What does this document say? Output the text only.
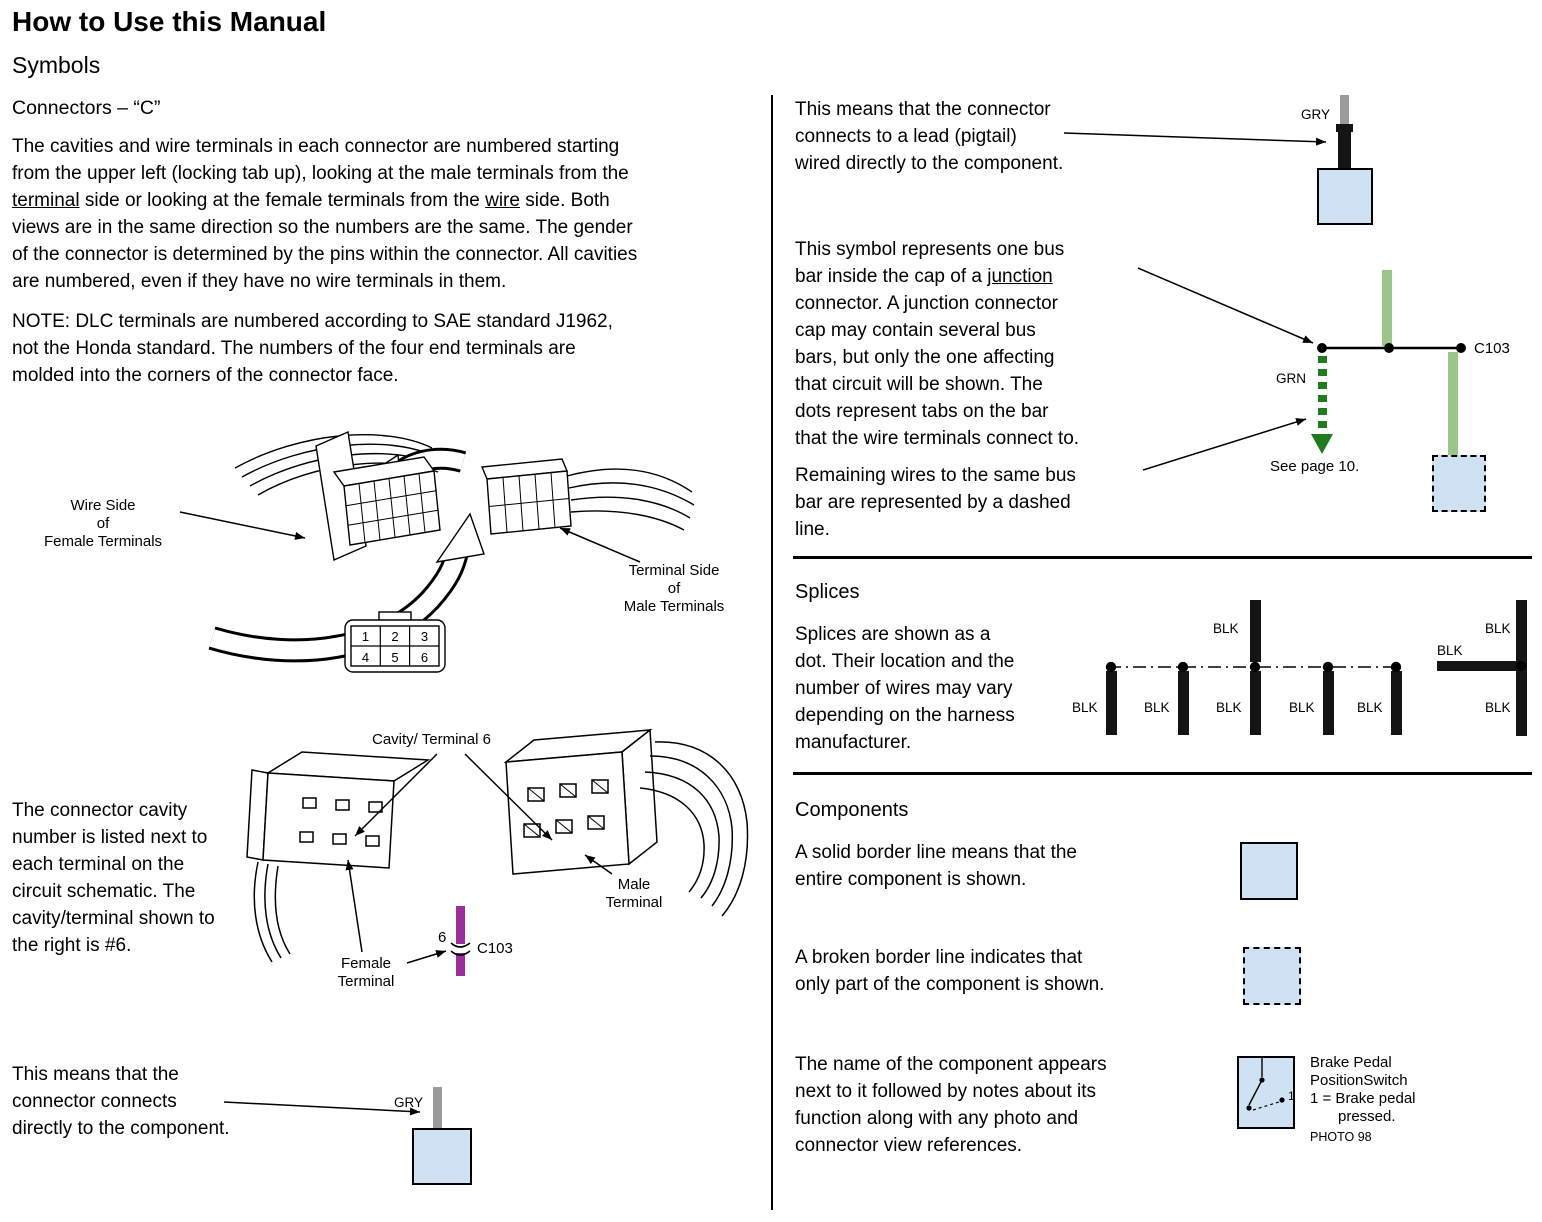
1 2 3
4 5 6
How to Use this Manual
Symbols
Connectors – “C”
The cavities and wire terminals in each connector are numbered starting
from the upper left (locking tab up), looking at the male terminals from the
terminal side or looking at the female terminals from the wire side. Both
views are in the same direction so the numbers are the same. The gender
of the connector is determined by the pins within the connector. All cavities
are numbered, even if they have no wire terminals in them.
NOTE: DLC terminals are numbered according to SAE standard J1962,
not the Honda standard. The numbers of the four end terminals are
molded into the corners of the connector face.
Wire Side
of
Female Terminals
Terminal Side
of
Male Terminals
Cavity/ Terminal 6
The connector cavity
number is listed next to
each terminal on the
circuit schematic. The
cavity/terminal shown to
the right is #6.
Female
Terminal
Male
Terminal
6
C103
This means that the
connector connects
directly to the component.
GRY
This means that the connector
connects to a lead (pigtail)
wired directly to the component.
GRY
This symbol represents one bus
bar inside the cap of a junction
connector. A junction connector
cap may contain several bus
bars, but only the one affecting
that circuit will be shown. The
dots represent tabs on the bar
that the wire terminals connect to.
GRN
C103
See page 10.
Remaining wires to the same bus
bar are represented by a dashed
line.
Splices
Splices are shown as a
dot. Their location and the
number of wires may vary
depending on the harness
manufacturer.
BLK
BLK	BLK	BLK	BLK	BLK
BLK
BLK
BLK
Components
A solid border line means that the
entire component is shown.
A broken border line indicates that
only part of the component is shown.
The name of the component appears
next to it followed by notes about its
function along with any photo and
connector view references.
Brake Pedal
PositionSwitch
1 = Brake pedal
pressed.
PHOTO 98
1
